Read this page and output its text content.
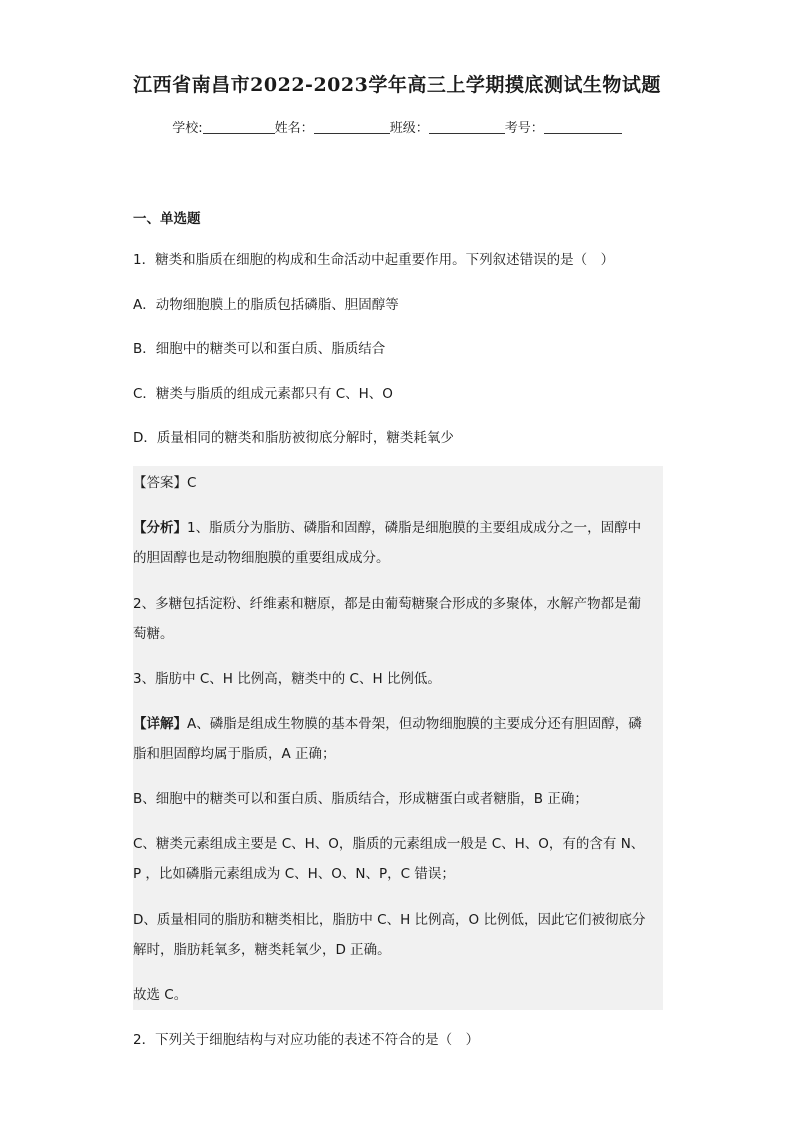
江西省南昌市2022-2023学年高三上学期摸底测试生物试题
学校:	姓名：	班级：	考号：
一、单选题
1．糖类和脂质在细胞的构成和生命活动中起重要作用。下列叙述错误的是（　）
A．动物细胞膜上的脂质包括磷脂、胆固醇等
B．细胞中的糖类可以和蛋白质、脂质结合
C．糖类与脂质的组成元素都只有 C、H、O
D．质量相同的糖类和脂肪被彻底分解时，糖类耗氧少
【答案】C
【分析】1、脂质分为脂肪、磷脂和固醇，磷脂是细胞膜的主要组成成分之一，固醇中
的胆固醇也是动物细胞膜的重要组成成分。
2、多糖包括淀粉、纤维素和糖原，都是由葡萄糖聚合形成的多聚体，水解产物都是葡
萄糖。
3、脂肪中 C、H 比例高，糖类中的 C、H 比例低。
【详解】A、磷脂是组成生物膜的基本骨架，但动物细胞膜的主要成分还有胆固醇，磷
脂和胆固醇均属于脂质，A 正确；
B、细胞中的糖类可以和蛋白质、脂质结合，形成糖蛋白或者糖脂，B 正确；
C、糖类元素组成主要是 C、H、O，脂质的元素组成一般是 C、H、O，有的含有 N、
P ，比如磷脂元素组成为 C、H、O、N、P，C 错误；
D、质量相同的脂肪和糖类相比，脂肪中 C、H 比例高，O 比例低，因此它们被彻底分
解时，脂肪耗氧多，糖类耗氧少，D 正确。
故选 C。
2．下列关于细胞结构与对应功能的表述不符合的是（　）
